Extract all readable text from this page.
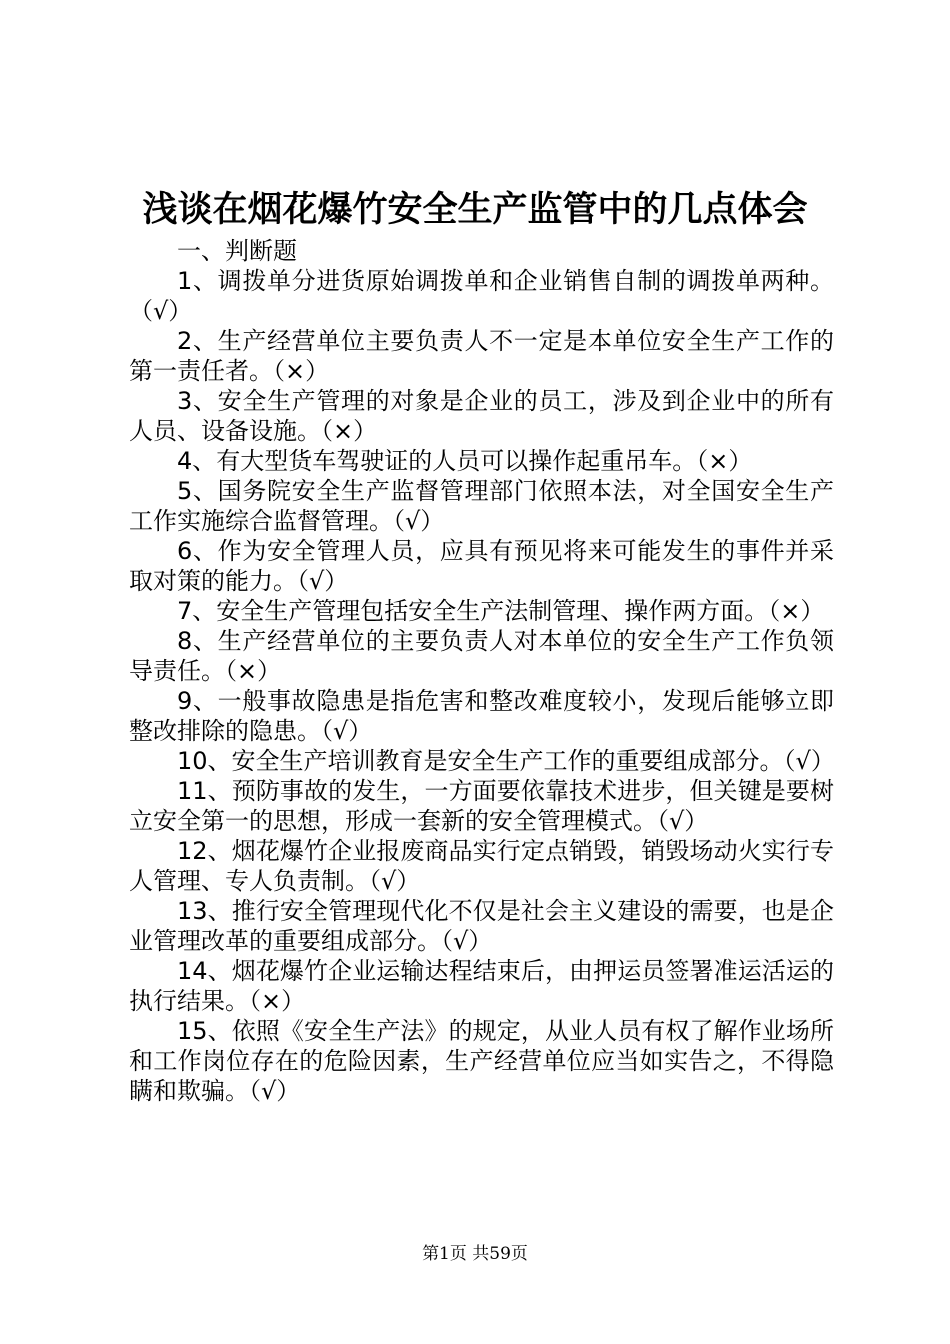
浅谈在烟花爆竹安全生产监管中的几点体会

一、判断题

1、调拨单分进货原始调拨单和企业销售自制的调拨单两种。（√）

2、生产经营单位主要负责人不一定是本单位安全生产工作的第一责任者。（×）

3、安全生产管理的对象是企业的员工，涉及到企业中的所有人员、设备设施。（×）

4、有大型货车驾驶证的人员可以操作起重吊车。（×）

5、国务院安全生产监督管理部门依照本法，对全国安全生产工作实施综合监督管理。（√）

6、作为安全管理人员，应具有预见将来可能发生的事件并采取对策的能力。（√）

7、安全生产管理包括安全生产法制管理、操作两方面。（×）

8、生产经营单位的主要负责人对本单位的安全生产工作负领导责任。（×）

9、一般事故隐患是指危害和整改难度较小，发现后能够立即整改排除的隐患。（√）

10、安全生产培训教育是安全生产工作的重要组成部分。（√）

11、预防事故的发生，一方面要依靠技术进步，但关键是要树立安全第一的思想，形成一套新的安全管理模式。（√）

12、烟花爆竹企业报废商品实行定点销毁，销毁场动火实行专人管理、专人负责制。（√）

13、推行安全管理现代化不仅是社会主义建设的需要，也是企业管理改革的重要组成部分。（√）

14、烟花爆竹企业运输达程结束后，由押运员签署准运活运的执行结果。（×）

15、依照《安全生产法》的规定，从业人员有权了解作业场所和工作岗位存在的危险因素，生产经营单位应当如实告之，不得隐瞒和欺骗。（√）

第1页 共59页
